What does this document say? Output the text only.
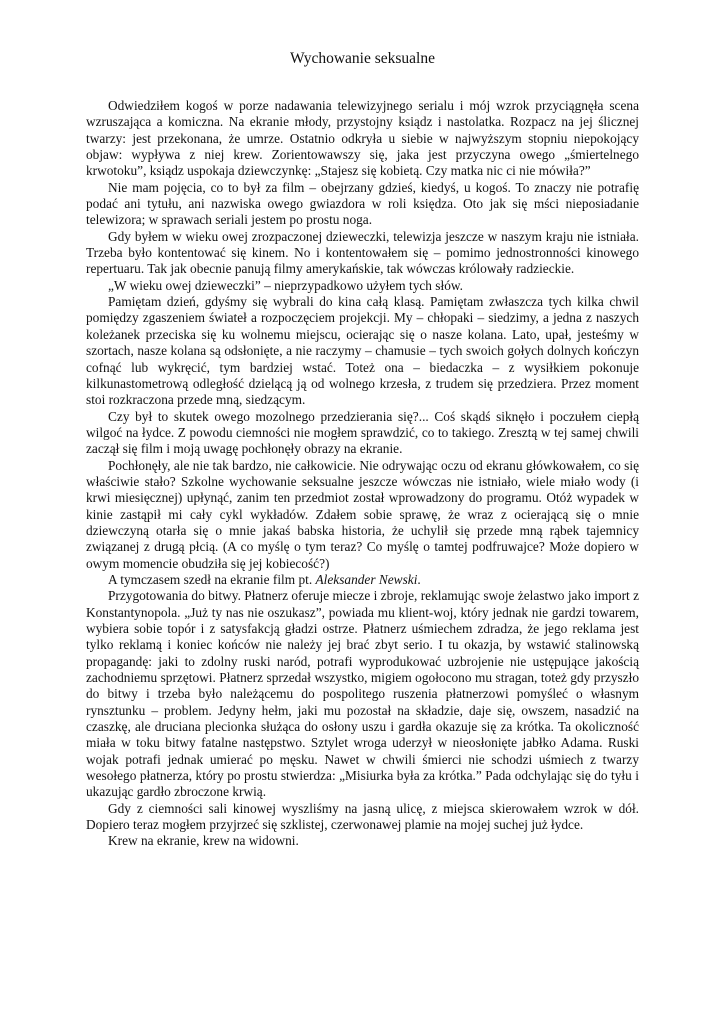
Wychowanie seksualne

Odwiedziłem kogoś w porze nadawania telewizyjnego serialu i mój wzrok przyciągnęła scena wzruszająca a komiczna. Na ekranie młody, przystojny ksiądz i nastolatka. Rozpacz na jej ślicznej twarzy: jest przekonana, że umrze. Ostatnio odkryła u siebie w najwyższym stopniu niepokojący objaw: wypływa z niej krew. Zorientowawszy się, jaka jest przyczyna owego „śmiertelnego krwotoku”, ksiądz uspokaja dziewczynkę: „Stajesz się kobietą. Czy matka nic ci nie mówiła?”

Nie mam pojęcia, co to był za film – obejrzany gdzieś, kiedyś, u kogoś. To znaczy nie potrafię podać ani tytułu, ani nazwiska owego gwiazdora w roli księdza. Oto jak się mści nieposiadanie telewizora; w sprawach seriali jestem po prostu noga.

Gdy byłem w wieku owej zrozpaczonej dzieweczki, telewizja jeszcze w naszym kraju nie istniała. Trzeba było kontentować się kinem. No i kontentowałem się – pomimo jednostronności kinowego repertuaru. Tak jak obecnie panują filmy amerykańskie, tak wówczas królowały radzieckie.

„W wieku owej dzieweczki” – nieprzypadkowo użyłem tych słów.

Pamiętam dzień, gdyśmy się wybrali do kina całą klasą. Pamiętam zwłaszcza tych kilka chwil pomiędzy zgaszeniem świateł a rozpoczęciem projekcji. My – chłopaki – siedzimy, a jedna z naszych koleżanek przeciska się ku wolnemu miejscu, ocierając się o nasze kolana. Lato, upał, jesteśmy w szortach, nasze kolana są odsłonięte, a nie raczymy – chamusie – tych swoich gołych dolnych kończyn cofnąć lub wykręcić, tym bardziej wstać. Toteż ona – biedaczka – z wysiłkiem pokonuje kilkunastometrową odległość dzielącą ją od wolnego krzesła, z trudem się przedziera. Przez moment stoi rozkraczona przede mną, siedzącym.

Czy był to skutek owego mozolnego przedzierania się?... Coś skądś siknęło i poczułem ciepłą wilgoć na łydce. Z powodu ciemności nie mogłem sprawdzić, co to takiego. Zresztą w tej samej chwili zaczął się film i moją uwagę pochłonęły obrazy na ekranie.

Pochłonęły, ale nie tak bardzo, nie całkowicie. Nie odrywając oczu od ekranu główkowałem, co się właściwie stało? Szkolne wychowanie seksualne jeszcze wówczas nie istniało, wiele miało wody (i krwi miesięcznej) upłynąć, zanim ten przedmiot został wprowadzony do programu. Otóż wypadek w kinie zastąpił mi cały cykl wykładów. Zdałem sobie sprawę, że wraz z ocierającą się o mnie dziewczyną otarła się o mnie jakaś babska historia, że uchylił się przede mną rąbek tajemnicy związanej z drugą płcią. (A co myślę o tym teraz? Co myślę o tamtej podfruwajce? Może dopiero w owym momencie obudziła się jej kobiecość?)

A tymczasem szedł na ekranie film pt. Aleksander Newski.

Przygotowania do bitwy. Płatnerz oferuje miecze i zbroje, reklamując swoje żelastwo jako import z Konstantynopola. „Już ty nas nie oszukasz”, powiada mu klient-woj, który jednak nie gardzi towarem, wybiera sobie topór i z satysfakcją gładzi ostrze. Płatnerz uśmiechem zdradza, że jego reklama jest tylko reklamą i koniec końców nie należy jej brać zbyt serio. I tu okazja, by wstawić stalinowską propagandę: jaki to zdolny ruski naród, potrafi wyprodukować uzbrojenie nie ustępujące jakością zachodniemu sprzętowi. Płatnerz sprzedał wszystko, migiem ogołocono mu stragan, toteż gdy przyszło do bitwy i trzeba było należącemu do pospolitego ruszenia płatnerzowi pomyśleć o własnym rynsztunku – problem. Jedyny hełm, jaki mu pozostał na składzie, daje się, owszem, nasadzić na czaszkę, ale druciana plecionka służąca do osłony uszu i gardła okazuje się za krótka. Ta okoliczność miała w toku bitwy fatalne następstwo. Sztylet wroga uderzył w nieosłonięte jabłko Adama. Ruski wojak potrafi jednak umierać po męsku. Nawet w chwili śmierci nie schodzi uśmiech z twarzy wesołego płatnerza, który po prostu stwierdza: „Misiurka była za krótka.” Pada odchylając się do tyłu i ukazując gardło zbroczone krwią.

Gdy z ciemności sali kinowej wyszliśmy na jasną ulicę, z miejsca skierowałem wzrok w dół. Dopiero teraz mogłem przyjrzeć się szklistej, czerwonawej plamie na mojej suchej już łydce.

Krew na ekranie, krew na widowni.
